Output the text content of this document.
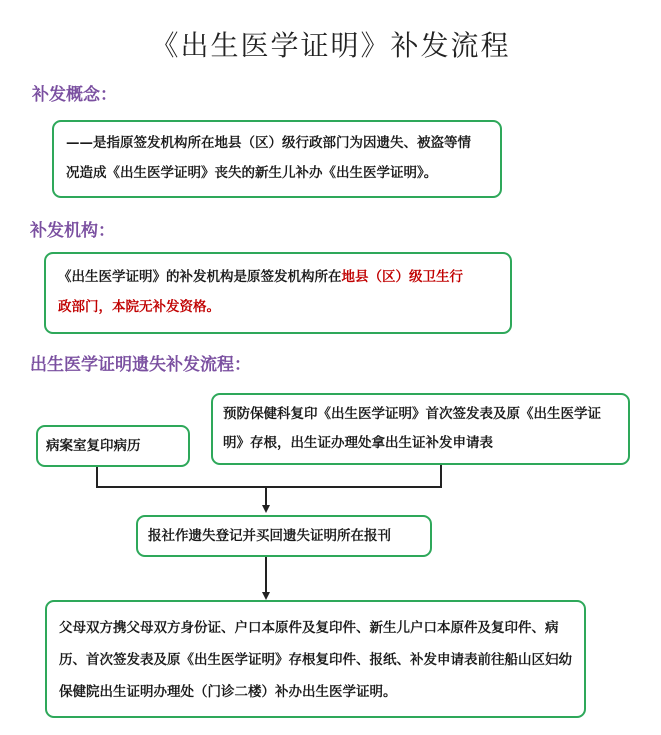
《出生医学证明》补发流程
补发概念：
——是指原签发机构所在地县（区）级行政部门为因遗失、被盗等情
况造成《出生医学证明》丧失的新生儿补办《出生医学证明》。
补发机构：
《出生医学证明》的补发机构是原签发机构所在地县（区）级卫生行
政部门，本院无补发资格。
出生医学证明遗失补发流程：
病案室复印病历
预防保健科复印《出生医学证明》首次签发表及原《出生医学证明》存根，出生证办理处拿出生证补发申请表
报社作遗失登记并买回遗失证明所在报刊
父母双方携父母双方身份证、户口本原件及复印件、新生儿户口本原件及复印件、病历、首次签发表及原《出生医学证明》存根复印件、报纸、补发申请表前往船山区妇幼保健院出生证明办理处（门诊二楼）补办出生医学证明。
